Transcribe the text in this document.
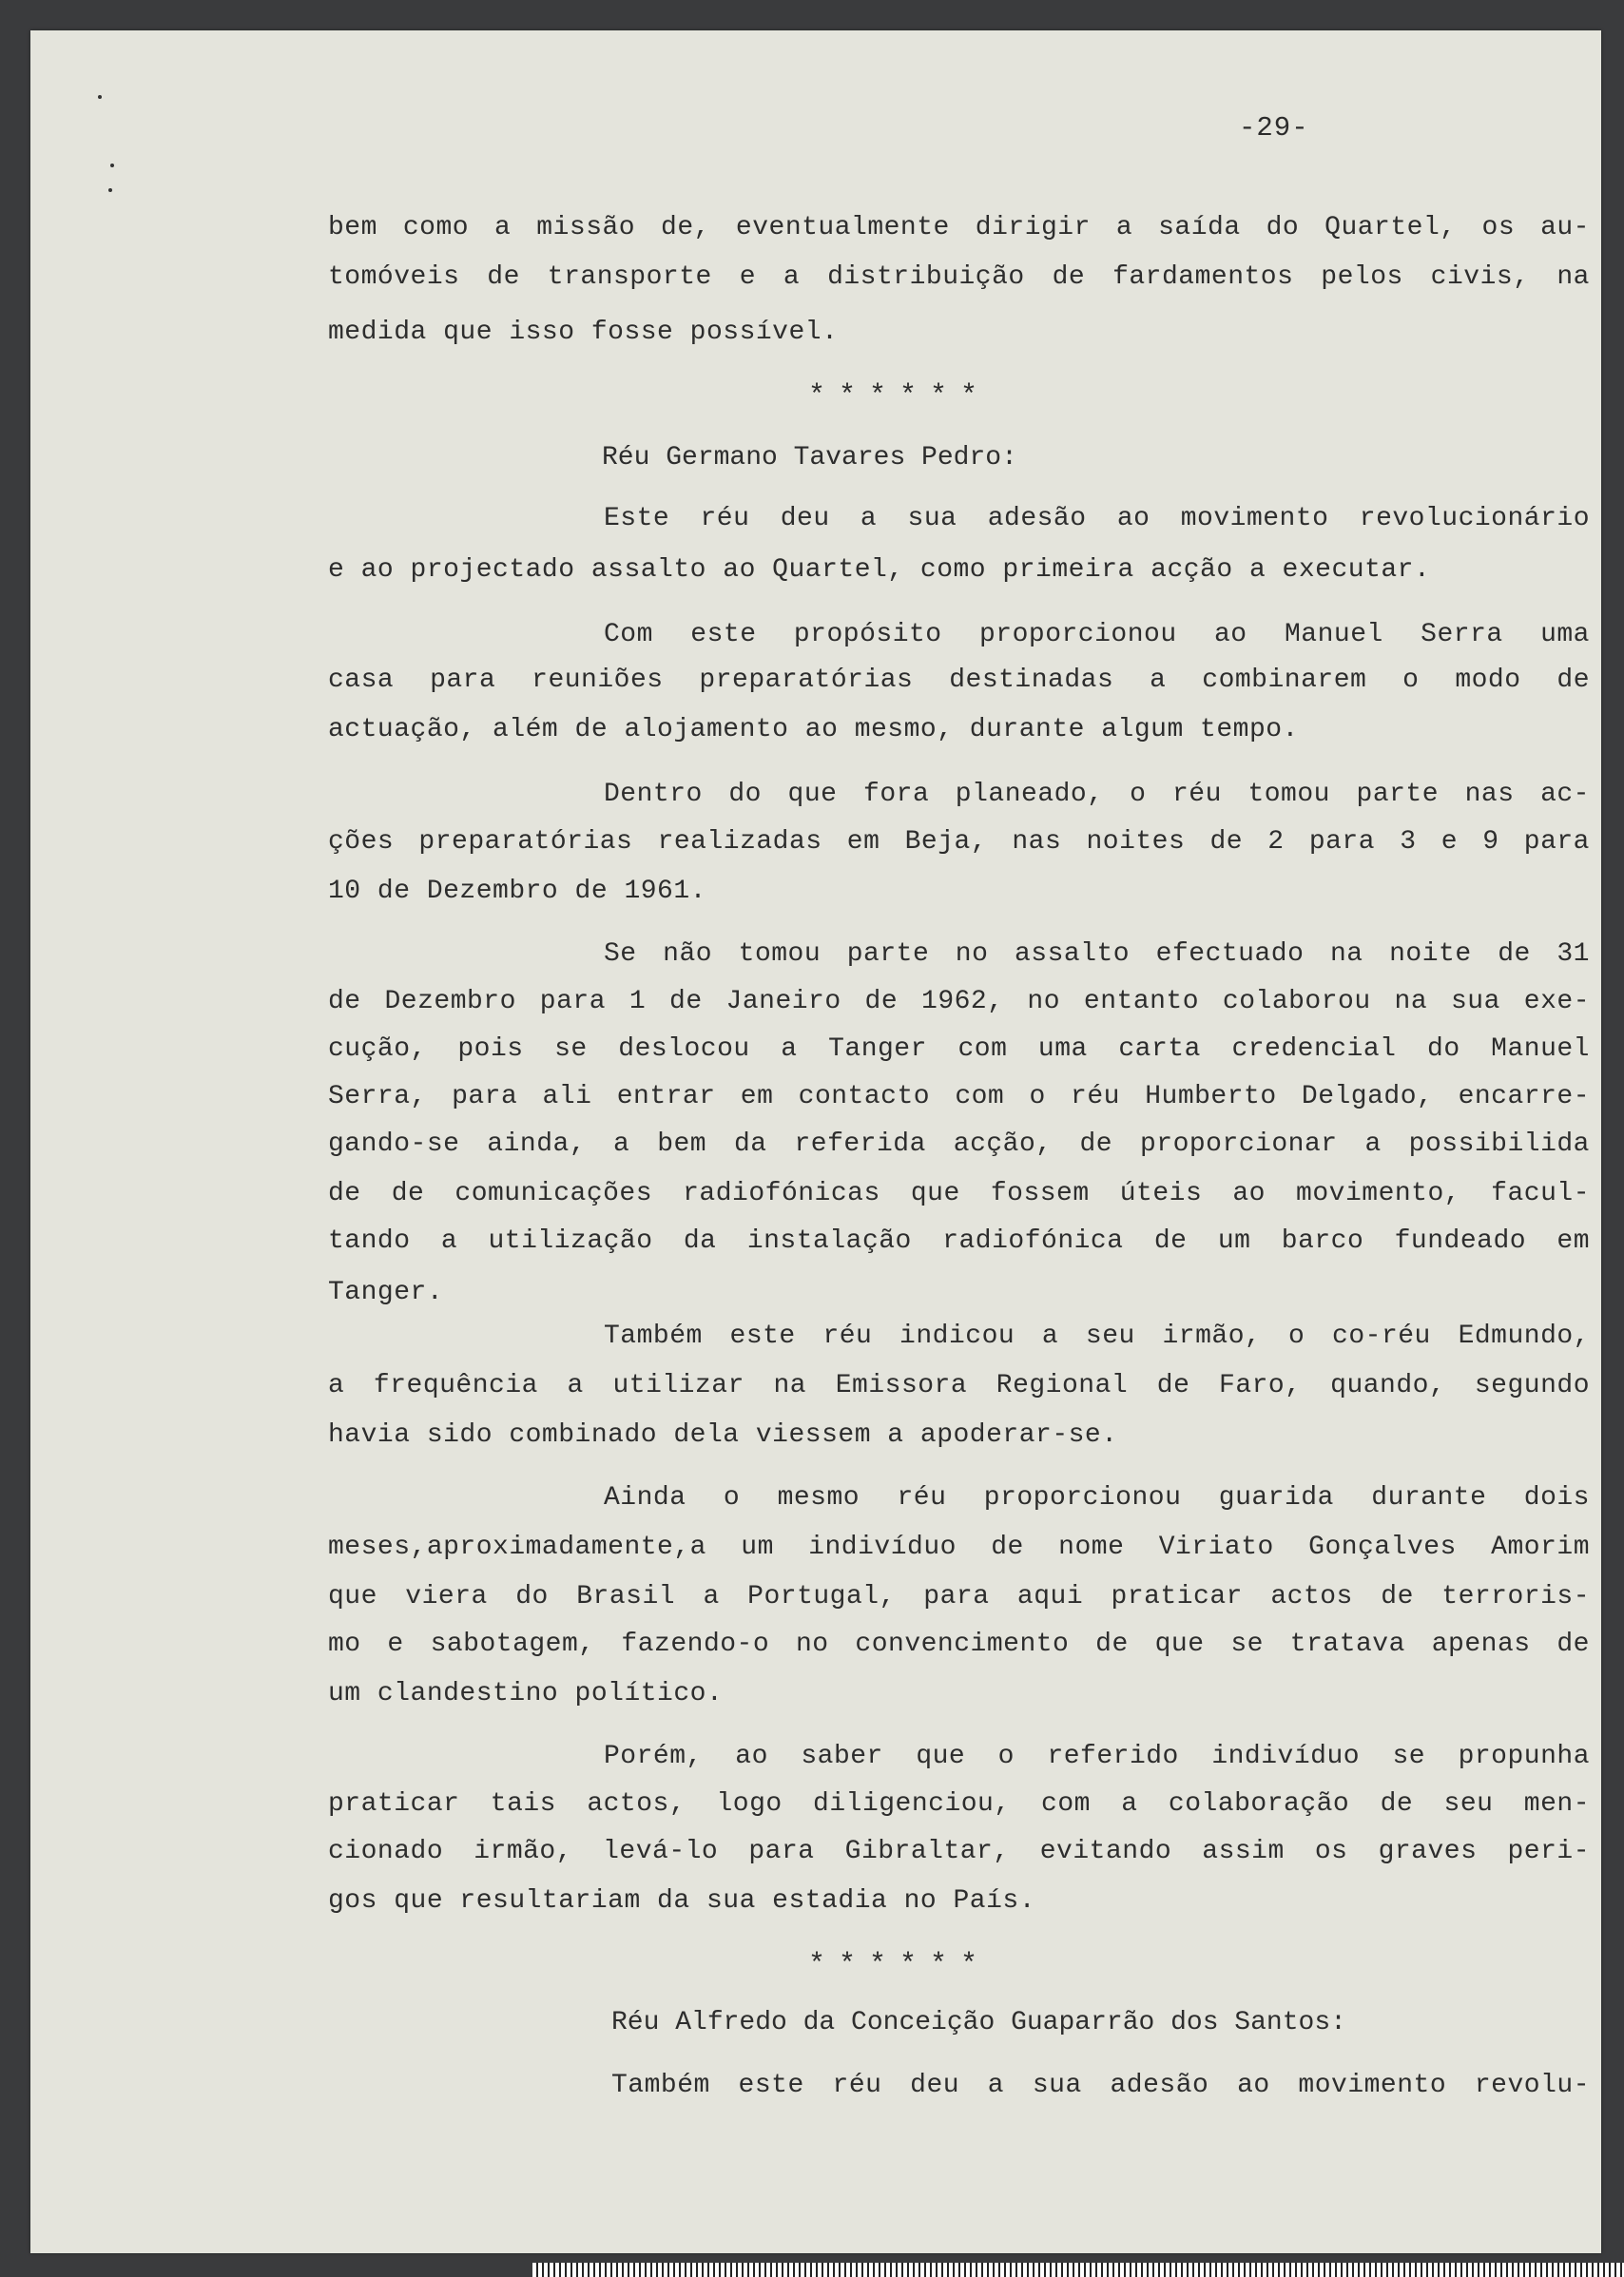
-29-
bem como a missão de, eventualmente dirigir a saída do Quartel, os au-
tomóveis de transporte e a distribuição de fardamentos pelos civis, na
medida que isso fosse possível.
******
Réu Germano Tavares Pedro:
Este réu deu a sua adesão ao movimento revolucionário
e ao projectado assalto ao Quartel, como primeira acção a executar.
Com este propósito proporcionou ao Manuel Serra uma
casa para reuniões preparatórias destinadas a combinarem o modo de
actuação, além de alojamento ao mesmo, durante algum tempo.
Dentro do que fora planeado, o réu tomou parte nas ac-
ções preparatórias realizadas em Beja, nas noites de 2 para 3 e 9 para
10 de Dezembro de 1961.
Se não tomou parte no assalto efectuado na noite de 31
de Dezembro para 1 de Janeiro de 1962, no entanto colaborou na sua exe-
cução, pois se deslocou a Tanger com uma carta credencial do Manuel
Serra, para ali entrar em contacto com o réu Humberto Delgado, encarre-
gando-se ainda, a bem da referida acção, de proporcionar a possibilida
de de comunicações radiofónicas que fossem úteis ao movimento, facul-
tando a utilização da instalação radiofónica de um barco fundeado em
Tanger.
Também este réu indicou a seu irmão, o co-réu Edmundo,
a frequência a utilizar na Emissora Regional de Faro, quando, segundo
havia sido combinado dela viessem a apoderar-se.
Ainda o mesmo réu proporcionou guarida durante dois
meses,aproximadamente,a um indivíduo de nome Viriato Gonçalves Amorim
que viera do Brasil a Portugal, para aqui praticar actos de terroris-
mo e sabotagem, fazendo-o no convencimento de que se tratava apenas de
um clandestino político.
Porém, ao saber que o referido indivíduo se propunha
praticar tais actos, logo diligenciou, com a colaboração de seu men-
cionado irmão, levá-lo para Gibraltar, evitando assim os graves peri-
gos que resultariam da sua estadia no País.
******
Réu Alfredo da Conceição Guaparrão dos Santos:
Também este réu deu a sua adesão ao movimento revolu-
